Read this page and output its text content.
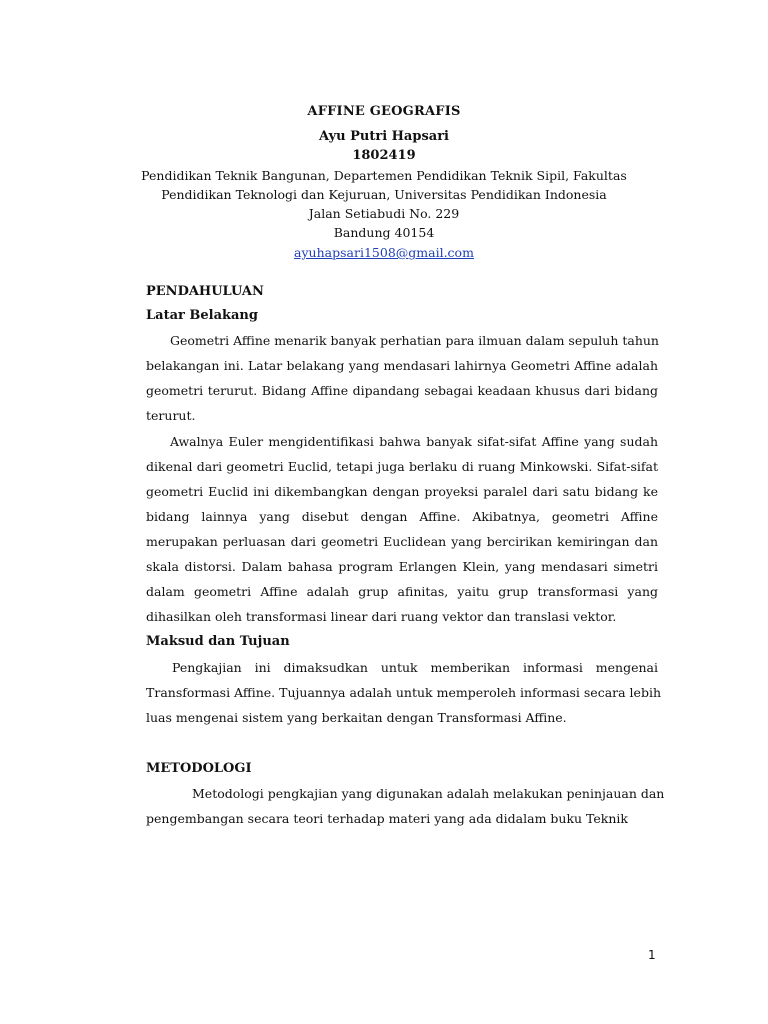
AFFINE GEOGRAFIS
Ayu Putri Hapsari
1802419
Pendidikan Teknik Bangunan, Departemen Pendidikan Teknik Sipil, Fakultas
Pendidikan Teknologi dan Kejuruan, Universitas Pendidikan Indonesia
Jalan Setiabudi No. 229
Bandung 40154
ayuhapsari1508@gmail.com
PENDAHULUAN
Latar Belakang
Geometri Affine menarik banyak perhatian para ilmuan dalam sepuluh tahun
belakangan ini. Latar belakang yang mendasari lahirnya Geometri Affine adalah
geometri terurut. Bidang Affine dipandang sebagai keadaan khusus dari bidang
terurut.
Awalnya Euler mengidentifikasi bahwa banyak sifat-sifat Affine yang sudah
dikenal dari geometri Euclid, tetapi juga berlaku di ruang Minkowski. Sifat-sifat
geometri Euclid ini dikembangkan dengan proyeksi paralel dari satu bidang ke
bidang lainnya yang disebut dengan Affine. Akibatnya, geometri Affine
merupakan perluasan dari geometri Euclidean yang bercirikan kemiringan dan
skala distorsi. Dalam bahasa program Erlangen Klein, yang mendasari simetri
dalam geometri Affine adalah grup afinitas, yaitu grup transformasi yang
dihasilkan oleh transformasi linear dari ruang vektor dan translasi vektor.
Maksud dan Tujuan
Pengkajian ini dimaksudkan untuk memberikan informasi mengenai
Transformasi Affine. Tujuannya adalah untuk memperoleh informasi secara lebih
luas mengenai sistem yang berkaitan dengan Transformasi Affine.
METODOLOGI
Metodologi pengkajian yang digunakan adalah melakukan peninjauan dan
pengembangan secara teori terhadap materi yang ada didalam buku Teknik
1
